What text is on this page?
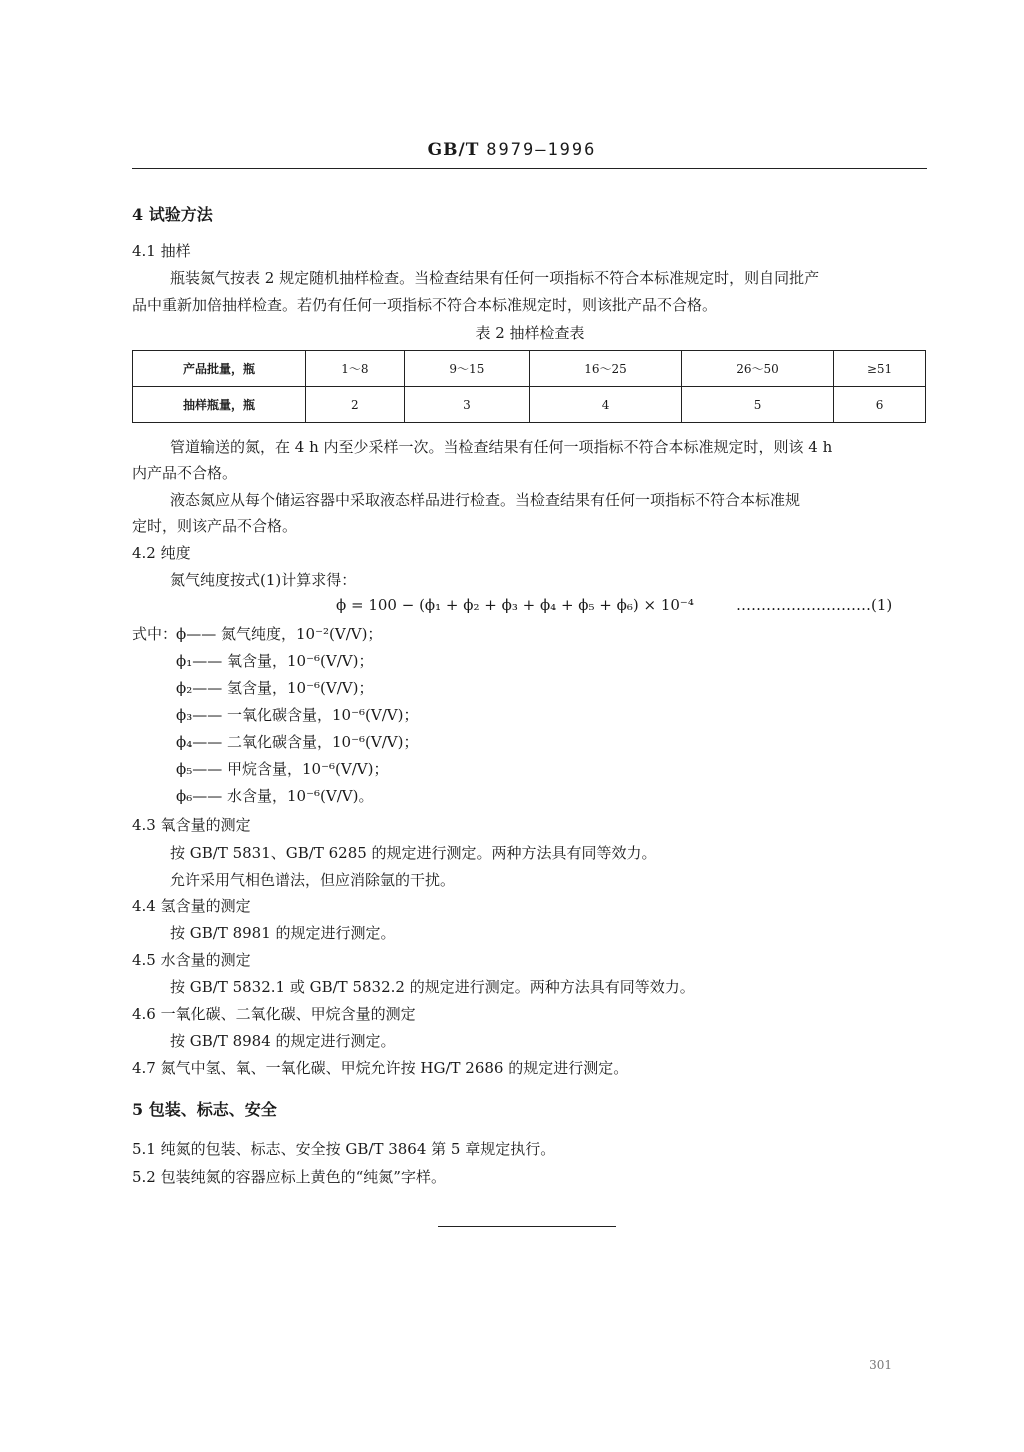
GB/T 8979—1996
4 试验方法
4.1 抽样
瓶装氮气按表 2 规定随机抽样检查。当检查结果有任何一项指标不符合本标准规定时，则自同批产
品中重新加倍抽样检查。若仍有任何一项指标不符合本标准规定时，则该批产品不合格。
表 2 抽样检查表
产品批量，瓶	1～8	9～15	16～25	26～50	≥51
抽样瓶量，瓶	2	3	4	5	6
管道输送的氮，在 4 h 内至少采样一次。当检查结果有任何一项指标不符合本标准规定时，则该 4 h
内产品不合格。
液态氮应从每个储运容器中采取液态样品进行检查。当检查结果有任何一项指标不符合本标准规
定时，则该产品不合格。
4.2 纯度
氮气纯度按式(1)计算求得：
ϕ = 100 − (ϕ₁ + ϕ₂ + ϕ₃ + ϕ₄ + ϕ₅ + ϕ₆) × 10⁻⁴	………………………(1)
式中：
ϕ—— 氮气纯度，10⁻²(V/V)；
ϕ₁—— 氧含量，10⁻⁶(V/V)；
ϕ₂—— 氢含量，10⁻⁶(V/V)；
ϕ₃—— 一氧化碳含量，10⁻⁶(V/V)；
ϕ₄—— 二氧化碳含量，10⁻⁶(V/V)；
ϕ₅—— 甲烷含量，10⁻⁶(V/V)；
ϕ₆—— 水含量，10⁻⁶(V/V)。
4.3 氧含量的测定
按 GB/T 5831、GB/T 6285 的规定进行测定。两种方法具有同等效力。
允许采用气相色谱法，但应消除氩的干扰。
4.4 氢含量的测定
按 GB/T 8981 的规定进行测定。
4.5 水含量的测定
按 GB/T 5832.1 或 GB/T 5832.2 的规定进行测定。两种方法具有同等效力。
4.6 一氧化碳、二氧化碳、甲烷含量的测定
按 GB/T 8984 的规定进行测定。
4.7 氮气中氢、氧、一氧化碳、甲烷允许按 HG/T 2686 的规定进行测定。
5 包装、标志、安全
5.1 纯氮的包装、标志、安全按 GB/T 3864 第 5 章规定执行。
5.2 包装纯氮的容器应标上黄色的“纯氮”字样。
301
